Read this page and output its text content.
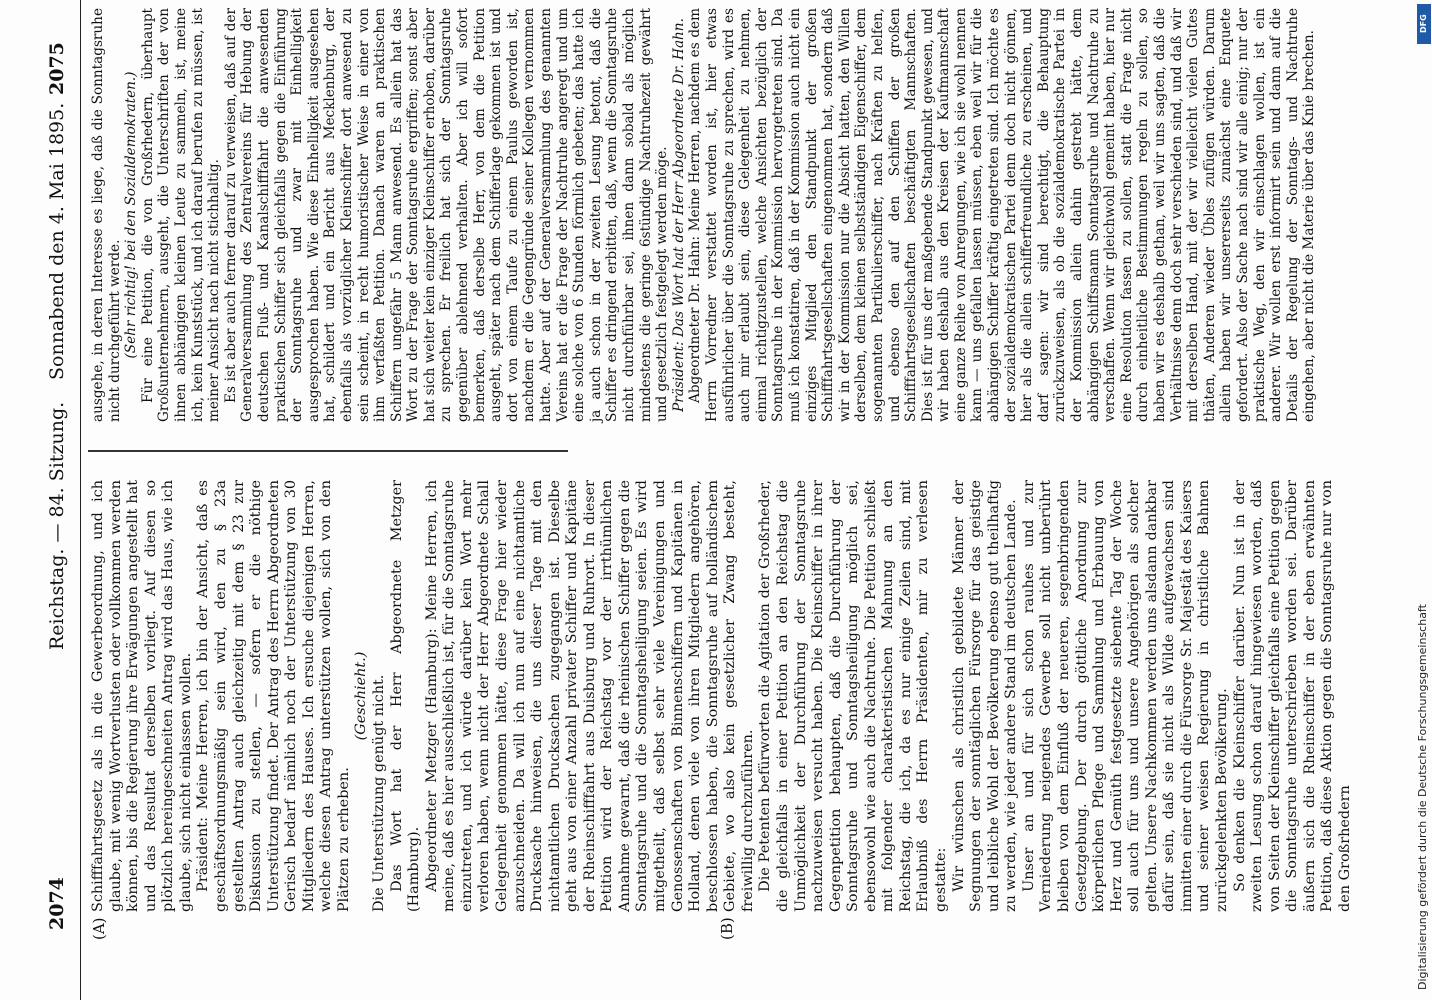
2074
Reichstag. — 84. Sitzung.
Sonnabend den 4. Mai 1895.
2075
(A)	(B)

Schifffahrtsgesetz als in die Gewerbeordnung, und ich glaube, mit wenig Wortverlusten oder vollkommen werden können, bis die Regierung ihre Erwägungen angestellt hat und das Resultat derselben vorliegt. Auf diesen so plötzlich hereingeschneiten Antrag wird das Haus, wie ich glaube, sich nicht einlassen wollen. Präsident: Meine Herren, ich bin der Ansicht, daß es geschäftsordnungsmäßig sein wird, den zu § 23a gestellten Antrag auch gleichzeitig mit dem § 23 zur Diskussion zu stellen, — sofern er die nöthige Unterstützung findet. Der Antrag des Herrn Abgeordneten Gerisch bedarf nämlich noch der Unterstützung von 30 Mitgliedern des Hauses. Ich ersuche diejenigen Herren, welche diesen Antrag unterstützen wollen, sich von den Plätzen zu erheben.

(Geschieht.) Die Unterstützung genügt nicht. Das Wort hat der Herr Abgeordnete Metzger (Hamburg). Abgeordneter Metzger (Hamburg): Meine Herren, ich meine, daß es hier ausschließlich ist, für die Sonntagsruhe einzutreten, und ich würde darüber kein Wort mehr verloren haben, wenn nicht der Herr Abgeordnete Schall Gelegenheit genommen hätte, diese Frage hier wieder anzuschneiden. Da will ich nun auf eine nichtamtliche Drucksache hinweisen, die uns dieser Tage mit den nichtamtlichen Drucksachen zugegangen ist. Dieselbe geht aus von einer Anzahl privater Schiffer und Kapitäne der Rheinschifffahrt aus Duisburg und Ruhrort. In dieser Petition wird der Reichstag vor der irrthümlichen Annahme gewarnt, daß die rheinischen Schiffer gegen die Sonntagsruhe und die Sonntagsheiligung seien. Es wird mitgetheilt, daß selbst sehr viele Vereinigungen und Genossenschaften von Binnenschiffern und Kapitänen in Holland, denen viele von ihren Mitgliedern angehören, beschlossen haben, die Sonntagsruhe auf holländischem Gebiete, wo also kein gesetzlicher Zwang besteht, freiwillig durchzuführen. Die Petenten befürworten die Agitation der Großrheder, die gleichfalls in einer Petition an den Reichstag die Unmöglichkeit der Durchführung der Sonntagsruhe nachzuweisen versucht haben. Die Kleinschiffer in ihrer Gegenpetition behaupten, daß die Durchführung der Sonntagsruhe und Sonntagsheiligung möglich sei, ebensowohl wie auch die Nachtruhe. Die Petition schließt mit folgender charakteristischen Mahnung an den Reichstag, die ich, da es nur einige Zeilen sind, mit Erlaubniß des Herrn Präsidenten, mir zu verlesen gestatte: Wir wünschen als christlich gebildete Männer der Segnungen der sonntäglichen Fürsorge für das geistige und leibliche Wohl der Bevölkerung ebenso gut theilhaftig zu werden, wie jeder andere Stand im deutschen Lande. Unser an und für sich schon rauhes und zur Verniederung neigendes Gewerbe soll nicht unberührt bleiben von dem Einfluß der neueren, segenbringenden Gesetzgebung. Der durch göttliche Anordnung zur körperlichen Pflege und Sammlung und Erbauung von Herz und Gemüth festgesetzte siebente Tag der Woche soll auch für uns und unsere Angehörigen als solcher gelten. Unsere Nachkommen werden uns alsdann dankbar dafür sein, daß sie nicht als Wilde aufgewachsen sind inmitten einer durch die Fürsorge Sr. Majestät des Kaisers und seiner weisen Regierung in christliche Bahnen zurückgelenkten Bevölkerung. So denken die Kleinschiffer darüber. Nun ist in der zweiten Lesung schon darauf hingewiesen worden, daß von Seiten der Kleinschiffer gleichfalls eine Petition gegen die Sonntagsruhe unterschrieben worden sei. Darüber äußern sich die Rheinschiffer in der eben erwähnten Petition, daß diese Aktion gegen die Sonntagsruhe nur von den Großrhedern

ausgehe, in deren Interesse es liege, daß die Sonntagsruhe nicht durchgeführt werde. (Sehr richtig! bei den Sozialdemokraten.) Für eine Petition, die von Großrhedern, überhaupt Großunternehmern, ausgeht, die Unterschriften der von ihnen abhängigen kleinen Leute zu sammeln, ist, meine ich, kein Kunststück, und ich darauf berufen zu müssen, ist meiner Ansicht nach nicht stichhaltig. Es ist aber auch ferner darauf zu verweisen, daß auf der Generalversammlung des Zentralvereins für Hebung der deutschen Fluß- und Kanalschifffahrt die anwesenden praktischen Schiffer sich gleichfalls gegen die Einführung der Sonntagsruhe und zwar mit Einhelligkeit ausgesprochen haben. Wie diese Einhelligkeit ausgesehen hat, schildert und ein Bericht aus Mecklenburg, der ebenfalls als vorzüglicher Kleinschiffer dort anwesend zu sein scheint, in recht humoristischer Weise in einer von ihm verfaßten Petition. Danach waren an praktischen Schiffern ungefähr 5 Mann anwesend. Es allein hat das Wort zu der Frage der Sonntagsruhe ergriffen; sonst aber hat sich weiter kein einziger Kleinschiffer erhoben, darüber zu sprechen. Er freilich hat sich der Sonntagsruhe gegenüber ablehnend verhalten. Aber ich will sofort bemerken, daß derselbe Herr, von dem die Petition ausgeht, später nach dem Schifferlage gekommen ist und dort von einem Taufe zu einem Paulus geworden ist, nachdem er die Gegengründe seiner Kollegen vernommen hatte. Aber auf der Generalversammlung des genannten Vereins hat er die Frage der Nachtruhe angeregt und um eine solche von 6 Stunden förmlich gebeten; das hatte ich ja auch schon in der zweiten Lesung betont, daß die Schiffer es dringend erbitten, daß, wenn die Sonntagsruhe nicht durchführbar sei, ihnen dann sobald als möglich mindestens die geringe 6stündige Nachtruhezeit gewährt und gesetzlich festgelegt werden möge. Präsident: Das Wort hat der Herr Abgeordnete Dr. Hahn. Abgeordneter Dr. Hahn: Meine Herren, nachdem es dem Herrn Vorredner verstattet worden ist, hier etwas ausführlicher über die Sonntagsruhe zu sprechen, wird es auch mir erlaubt sein, diese Gelegenheit zu nehmen, einmal richtigzustellen, welche Ansichten bezüglich der Sonntagsruhe in der Kommission hervorgetreten sind. Da muß ich konstatiren, daß in der Kommission auch nicht ein einziges Mitglied den Standpunkt der großen Schifffahrtsgesellschaften eingenommen hat, sondern daß wir in der Kommission nur die Absicht hatten, den Willen derselben, dem kleinen selbstständigen Eigenschiffer, dem sogenannten Partikulierschiffer, nach Kräften zu helfen, und ebenso den auf den Schiffen der großen Schifffahrtsgesellschaften beschäftigten Mannschaften. Dies ist für uns der maßgebende Standpunkt gewesen, und wir haben deshalb aus den Kreisen der Kaufmannschaft eine ganze Reihe von Anregungen, wie ich sie wohl nennen kann — uns gefallen lassen müssen, eben weil wir für die abhängigen Schiffer kräftig eingetreten sind. Ich möchte es der sozialdemokratischen Partei denn doch nicht gönnen, hier als die allein schifferfreundliche zu erscheinen, und darf sagen: wir sind berechtigt, die Behauptung zurückzuweisen, als ob die sozialdemokratische Partei in der Kommission allein dahin gestrebt hätte, dem abhängigen Schiffsmann Sonntagsruhe und Nachtruhe zu verschaffen. Wenn wir gleichwohl gemeint haben, hier nur eine Resolution fassen zu sollen, statt die Frage nicht durch einheitliche Bestimmungen regeln zu sollen, so haben wir es deshalb gethan, weil wir uns sagten, daß die Verhältnisse denn doch sehr verschieden sind, und daß wir mit derselben Hand, mit der wir vielleicht vielen Gutes thäten, Anderen wieder Übles zufügen würden. Darum allein haben wir unsererseits zunächst eine Enquete gefordert. Also der Sache nach sind wir alle einig; nur der praktische Weg, den wir einschlagen wollen, ist ein anderer. Wir wollen erst informirt sein und dann auf die Details der Regelung der Sonntags- und Nachtruhe eingehen, aber nicht die Materie über das Knie brechen.

DFG
Digitalisierung gefördert durch die Deutsche Forschungsgemeinschaft
